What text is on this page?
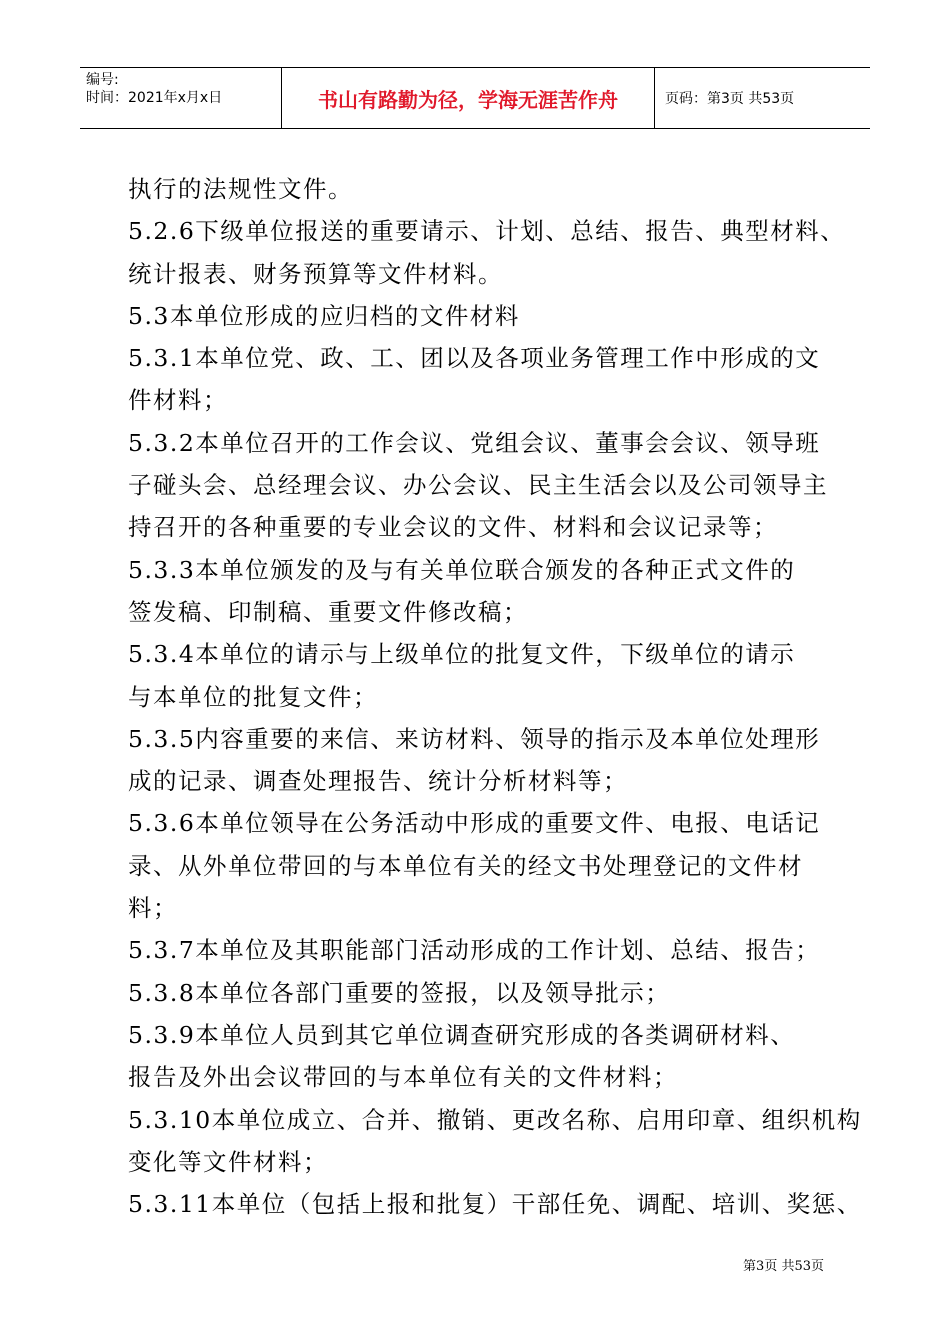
编号:
时间：2021年x月x日	书山有路勤为径，学海无涯苦作舟	页码：第3页 共53页
执行的法规性文件。
5.2.6下级单位报送的重要请示、计划、总结、报告、典型材料、
统计报表、财务预算等文件材料。
5.3本单位形成的应归档的文件材料
5.3.1本单位党、政、工、团以及各项业务管理工作中形成的文
件材料；
5.3.2本单位召开的工作会议、党组会议、董事会会议、领导班
子碰头会、总经理会议、办公会议、民主生活会以及公司领导主
持召开的各种重要的专业会议的文件、材料和会议记录等；
5.3.3本单位颁发的及与有关单位联合颁发的各种正式文件的
签发稿、印制稿、重要文件修改稿；
5.3.4本单位的请示与上级单位的批复文件，下级单位的请示
与本单位的批复文件；
5.3.5内容重要的来信、来访材料、领导的指示及本单位处理形
成的记录、调查处理报告、统计分析材料等；
5.3.6本单位领导在公务活动中形成的重要文件、电报、电话记
录、从外单位带回的与本单位有关的经文书处理登记的文件材
料；
5.3.7本单位及其职能部门活动形成的工作计划、总结、报告；
5.3.8本单位各部门重要的签报，以及领导批示；
5.3.9本单位人员到其它单位调查研究形成的各类调研材料、
报告及外出会议带回的与本单位有关的文件材料；
5.3.10本单位成立、合并、撤销、更改名称、启用印章、组织机构
变化等文件材料；
5.3.11本单位（包括上报和批复）干部任免、调配、培训、奖惩、
第3页 共53页
